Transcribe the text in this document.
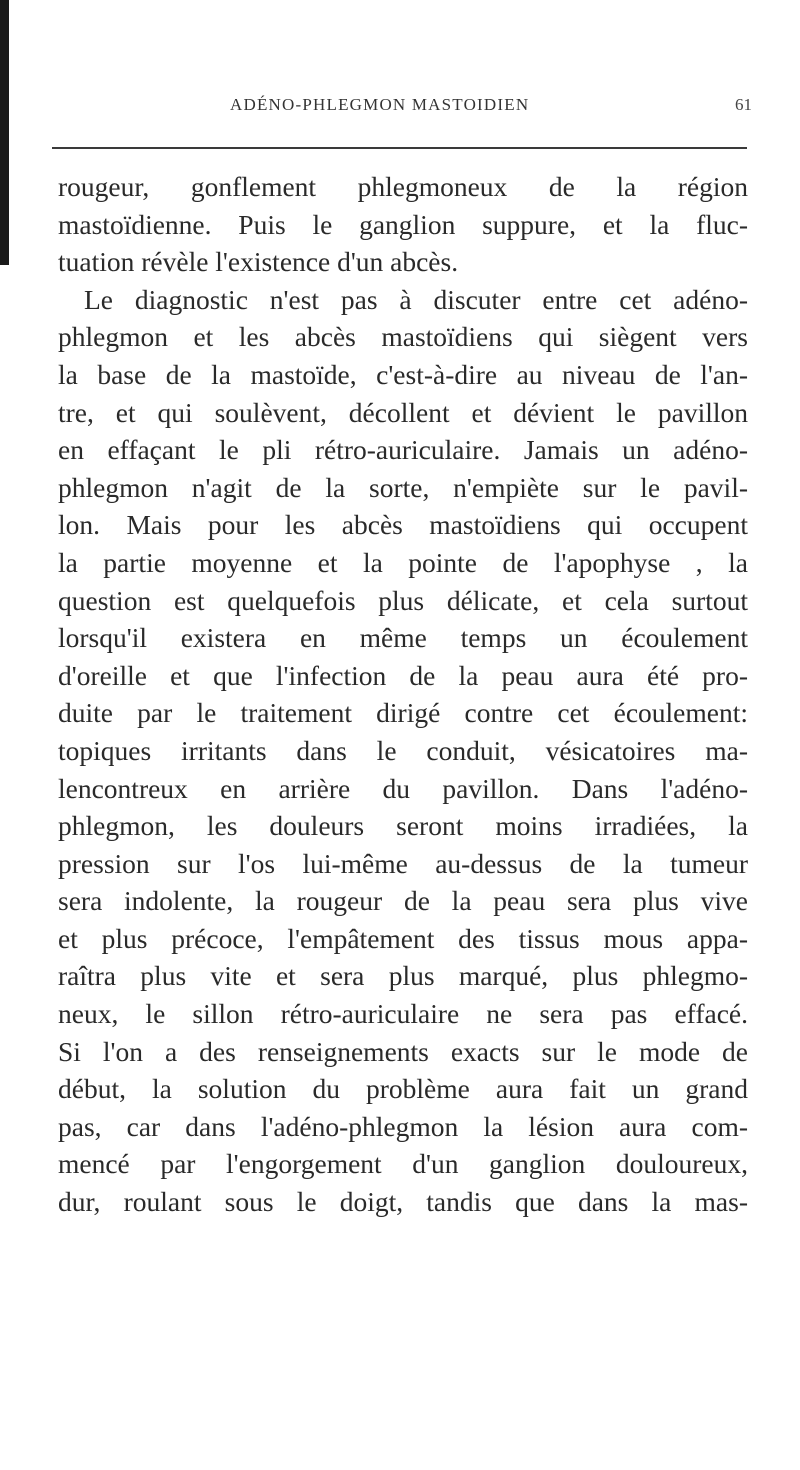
ADÉNO-PHLEGMON MASTOIDIEN	61
rougeur, gonflement phlegmoneux de la région
mastoïdienne. Puis le ganglion suppure, et la fluc-
tuation révèle l'existence d'un abcès.
Le diagnostic n'est pas à discuter entre cet adéno-
phlegmon et les abcès mastoïdiens qui siègent vers
la base de la mastoïde, c'est-à-dire au niveau de l'an-
tre, et qui soulèvent, décollent et dévient le pavillon
en effaçant le pli rétro-auriculaire. Jamais un adéno-
phlegmon n'agit de la sorte, n'empiète sur le pavil-
lon. Mais pour les abcès mastoïdiens qui occupent
la partie moyenne et la pointe de l'apophyse , la
question est quelquefois plus délicate, et cela surtout
lorsqu'il existera en même temps un écoulement
d'oreille et que l'infection de la peau aura été pro-
duite par le traitement dirigé contre cet écoulement:
topiques irritants dans le conduit, vésicatoires ma-
lencontreux en arrière du pavillon. Dans l'adéno-
phlegmon, les douleurs seront moins irradiées, la
pression sur l'os lui-même au-dessus de la tumeur
sera indolente, la rougeur de la peau sera plus vive
et plus précoce, l'empâtement des tissus mous appa-
raîtra plus vite et sera plus marqué, plus phlegmo-
neux, le sillon rétro-auriculaire ne sera pas effacé.
Si l'on a des renseignements exacts sur le mode de
début, la solution du problème aura fait un grand
pas, car dans l'adéno-phlegmon la lésion aura com-
mencé par l'engorgement d'un ganglion douloureux,
dur, roulant sous le doigt, tandis que dans la mas-
